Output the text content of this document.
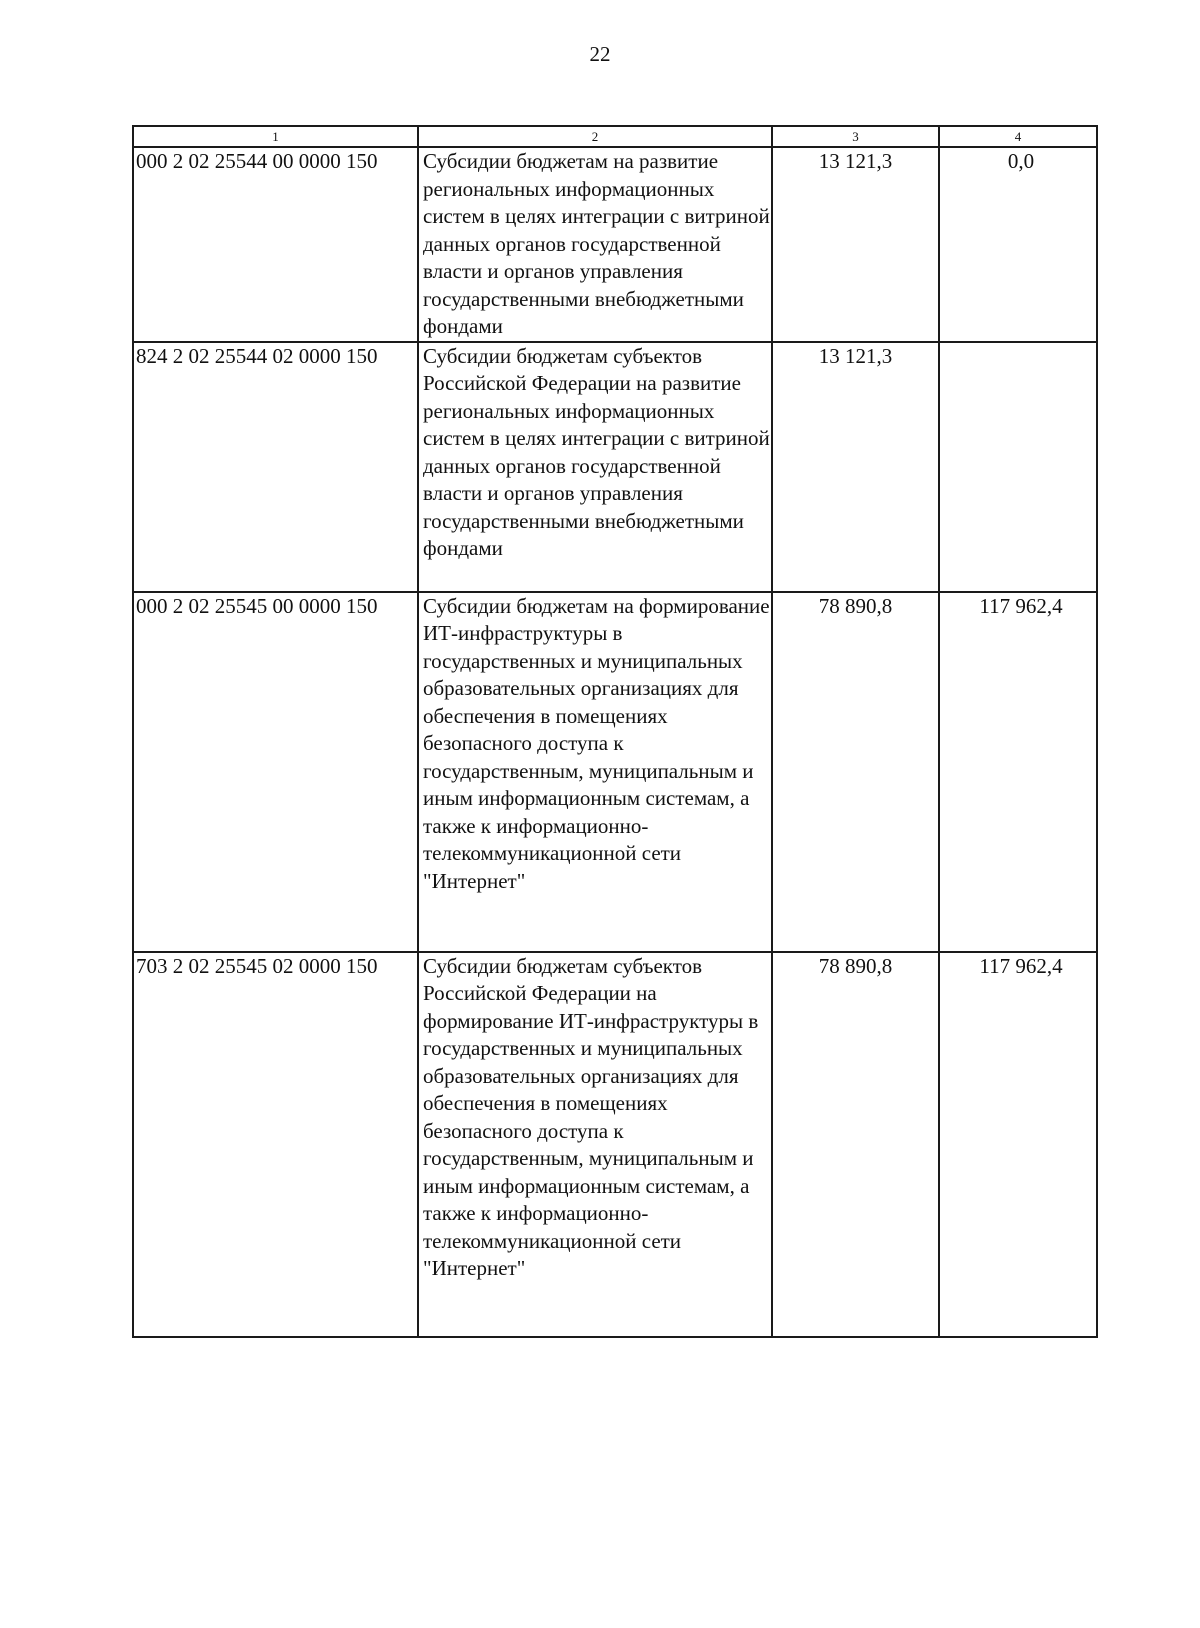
22
1	2	3	4
000 2 02 25544 00 0000 150	Субсидии бюджетам на развитие региональных информационных систем в целях интеграции с витриной данных органов государственной власти и органов управления государственными внебюджетными фондами	13 121,3	0,0
824 2 02 25544 02 0000 150	Субсидии бюджетам субъектов Российской Федерации на развитие региональных информационных систем в целях интеграции с витриной данных органов государственной власти и органов управления государственными внебюджетными фондами	13 121,3	
000 2 02 25545 00 0000 150	Субсидии бюджетам на формирование ИТ-инфраструктуры в государственных и муниципальных образовательных организациях для обеспечения в помещениях безопасного доступа к государственным, муниципальным и иным информационным системам, а также к информационно-телекоммуникационной сети "Интернет"	78 890,8	117 962,4
703 2 02 25545 02 0000 150	Субсидии бюджетам субъектов Российской Федерации на формирование ИТ-инфраструктуры в государственных и муниципальных образовательных организациях для обеспечения в помещениях безопасного доступа к государственным, муниципальным и иным информационным системам, а также к информационно-телекоммуникационной сети "Интернет"	78 890,8	117 962,4
